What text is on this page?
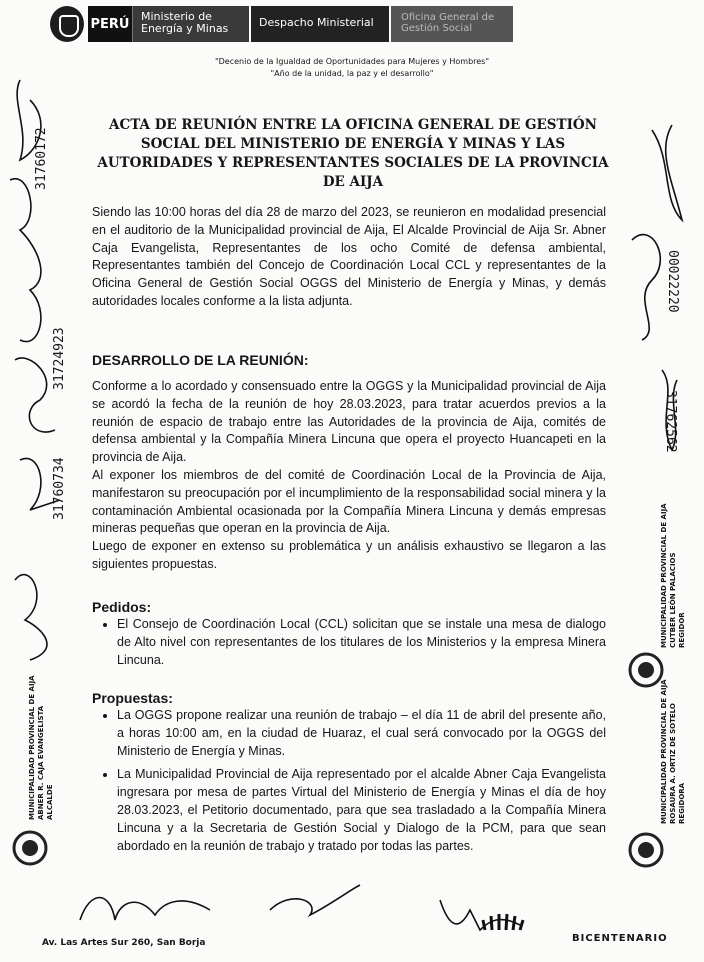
PERÚ	Ministerio de Energía y Minas	Despacho Ministerial	Oficina General de Gestión Social
"Decenio de la Igualdad de Oportunidades para Mujeres y Hombres"
"Año de la unidad, la paz y el desarrollo"
ACTA DE REUNIÓN ENTRE LA OFICINA GENERAL DE GESTIÓN SOCIAL DEL MINISTERIO DE ENERGÍA Y MINAS Y LAS AUTORIDADES Y REPRESENTANTES SOCIALES DE LA PROVINCIA DE AIJA
Siendo las 10:00 horas del día 28 de marzo del 2023, se reunieron en modalidad presencial en el auditorio de la Municipalidad provincial de Aija, El Alcalde Provincial de Aija Sr. Abner Caja Evangelista, Representantes de los ocho Comité de defensa ambiental, Representantes también del Concejo de Coordinación Local CCL y representantes de la Oficina General de Gestión Social OGGS del Ministerio de Energía y Minas, y demás autoridades locales conforme a la lista adjunta.
DESARROLLO DE LA REUNIÓN:
Conforme a lo acordado y consensuado entre la OGGS y la Municipalidad provincial de Aija se acordó la fecha de la reunión de hoy 28.03.2023, para tratar acuerdos previos a la reunión de espacio de trabajo entre las Autoridades de la provincia de Aija, comités de defensa ambiental y la Compañía Minera Lincuna que opera el proyecto Huancapeti en la provincia de Aija.
Al exponer los miembros de del comité de Coordinación Local de la Provincia de Aija, manifestaron su preocupación por el incumplimiento de la responsabilidad social minera y la contaminación Ambiental ocasionada por la Compañía Minera Lincuna y demás empresas mineras pequeñas que operan en la provincia de Aija.
Luego de exponer en extenso su problemática y un análisis exhaustivo se llegaron a las siguientes propuestas.
Pedidos:
• El Consejo de Coordinación Local (CCL) solicitan que se instale una mesa de dialogo de Alto nivel con representantes de los titulares de los Ministerios y la empresa Minera Lincuna.
Propuestas:
• La OGGS propone realizar una reunión de trabajo – el día 11 de abril del presente año, a horas 10:00 am, en la ciudad de Huaraz, el cual será convocado por la OGGS del Ministerio de Energía y Minas.
• La Municipalidad Provincial de Aija representado por el alcalde Abner Caja Evangelista ingresara por mesa de partes Virtual del Ministerio de Energía y Minas el día de hoy 28.03.2023, el Petitorio documentado, para que sea trasladado a la Compañía Minera Lincuna y a la Secretaria de Gestión Social y Dialogo de la PCM, para que sean abordado en la reunión de trabajo y tratado por todas las partes.
31760172
31724923
31760734
31762562
00022220
MUNICIPALIDAD PROVINCIAL DE AIJA ABNER R. CAJA EVANGELISTA ALCALDE
MUNICIPALIDAD PROVINCIAL DE AIJA CUTBER LEÓN PALACIOS REGIDOR
MUNICIPALIDAD PROVINCIAL DE AIJA ROSAURA A. ORTIZ DE SOTELO REGIDORA
Av. Las Artes Sur 260, San Borja	BICENTENARIO
